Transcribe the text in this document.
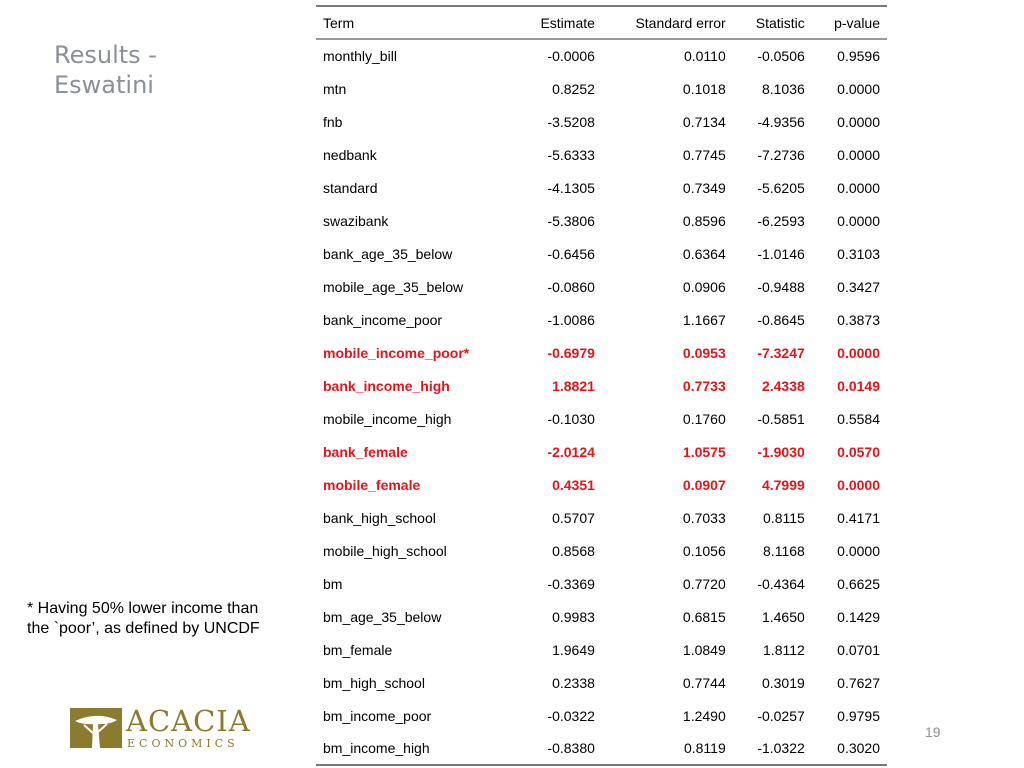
Results -
Eswatini
Term	Estimate	Standard error	Statistic	p-value
monthly_bill	-0.0006	0.0110	-0.0506	0.9596
mtn	0.8252	0.1018	8.1036	0.0000
fnb	-3.5208	0.7134	-4.9356	0.0000
nedbank	-5.6333	0.7745	-7.2736	0.0000
standard	-4.1305	0.7349	-5.6205	0.0000
swazibank	-5.3806	0.8596	-6.2593	0.0000
bank_age_35_below	-0.6456	0.6364	-1.0146	0.3103
mobile_age_35_below	-0.0860	0.0906	-0.9488	0.3427
bank_income_poor	-1.0086	1.1667	-0.8645	0.3873
mobile_income_poor*	-0.6979	0.0953	-7.3247	0.0000
bank_income_high	1.8821	0.7733	2.4338	0.0149
mobile_income_high	-0.1030	0.1760	-0.5851	0.5584
bank_female	-2.0124	1.0575	-1.9030	0.0570
mobile_female	0.4351	0.0907	4.7999	0.0000
bank_high_school	0.5707	0.7033	0.8115	0.4171
mobile_high_school	0.8568	0.1056	8.1168	0.0000
bm	-0.3369	0.7720	-0.4364	0.6625
bm_age_35_below	0.9983	0.6815	1.4650	0.1429
bm_female	1.9649	1.0849	1.8112	0.0701
bm_high_school	0.2338	0.7744	0.3019	0.7627
bm_income_poor	-0.0322	1.2490	-0.0257	0.9795
bm_income_high	-0.8380	0.8119	-1.0322	0.3020
* Having 50% lower income than the `poor’, as defined by UNCDF
ACACIA
ECONOMICS
19
